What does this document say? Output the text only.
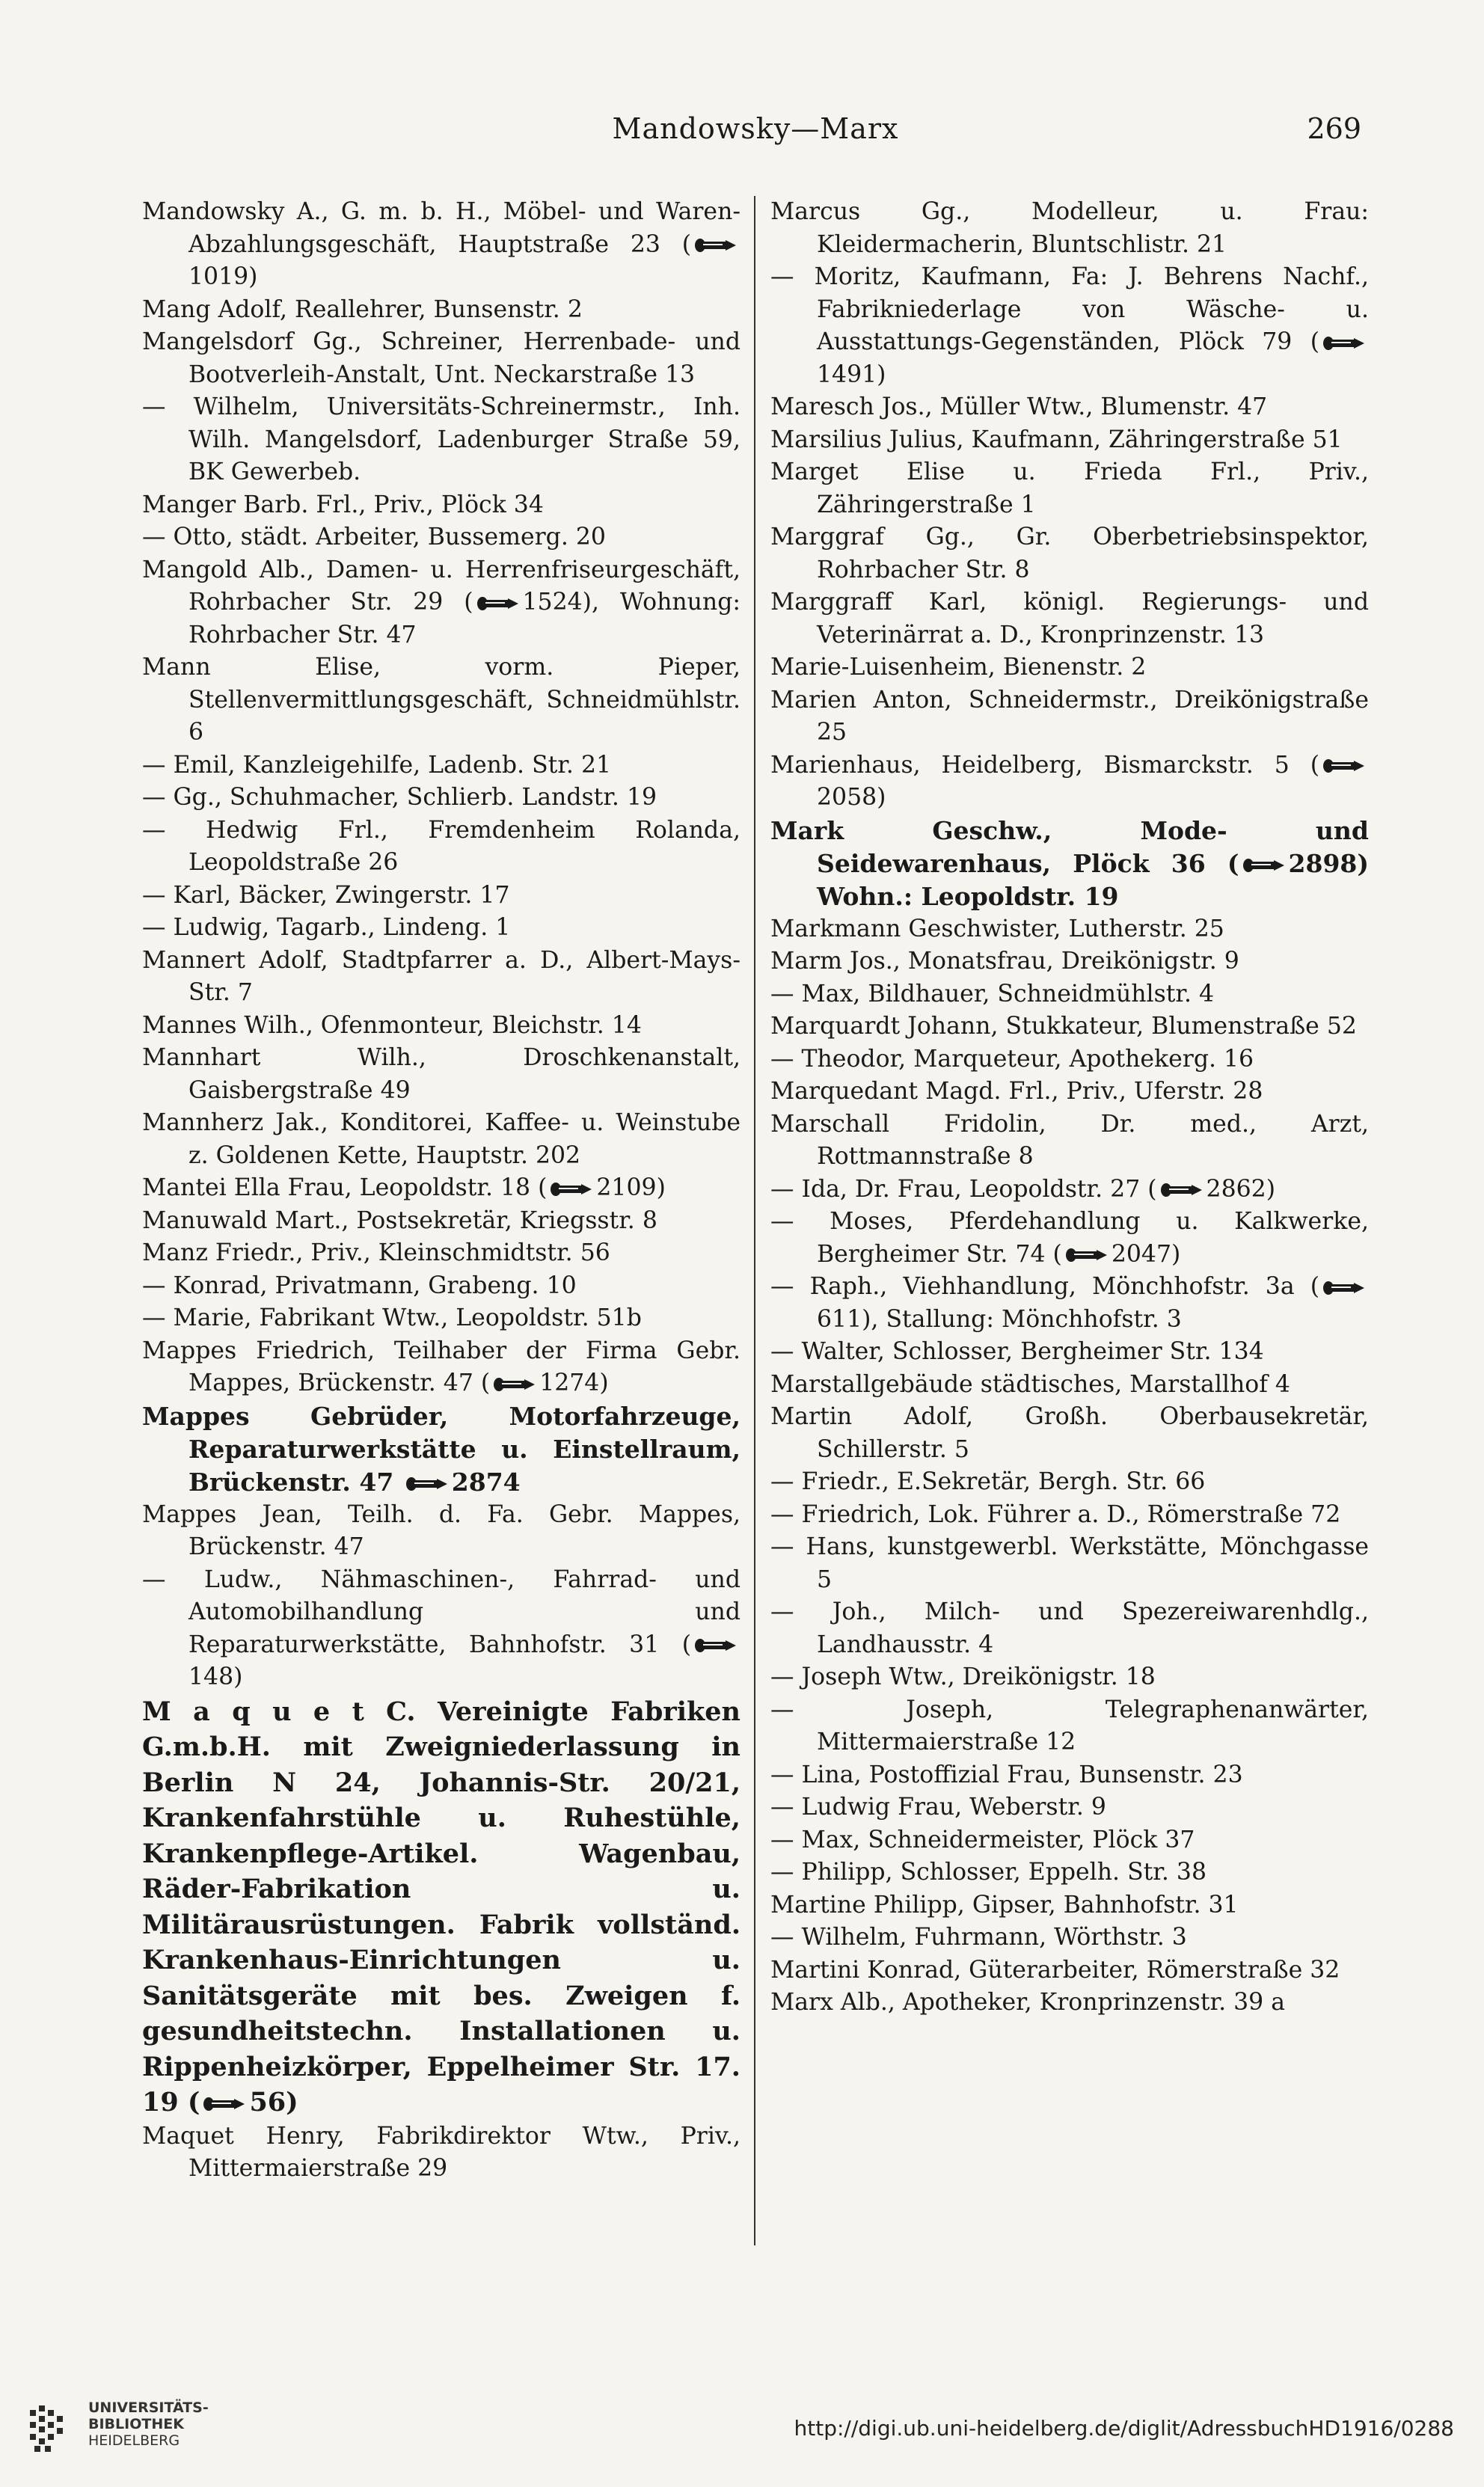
Mandowsky—Marx	269

Mandowsky A., G. m. b. H., Möbel- und Waren-Abzahlungsgeschäft, Hauptstraße 23 (
1019)

Mang Adolf, Reallehrer, Bunsenstr. 2

Mangelsdorf Gg., Schreiner, Herrenbade- und Bootverleih-Anstalt, Unt. Neckarstraße 13

— Wilhelm, Universitäts-Schreinermstr., Inh. Wilh. Mangelsdorf, Ladenburger Straße 59, BK Gewerbeb.

Manger Barb. Frl., Priv., Plöck 34

— Otto, städt. Arbeiter, Bussemerg. 20

Mangold Alb., Damen- u. Herrenfriseurgeschäft, Rohrbacher Str. 29 ( 1524), Wohnung: Rohrbacher Str. 47

Mann Elise, vorm. Pieper, Stellenvermittlungsgeschäft, Schneidmühlstr. 6

— Emil, Kanzleigehilfe, Ladenb. Str. 21

— Gg., Schuhmacher, Schlierb. Landstr. 19

— Hedwig Frl., Fremdenheim Rolanda, Leopoldstraße 26

— Karl, Bäcker, Zwingerstr. 17

— Ludwig, Tagarb., Lindeng. 1

Mannert Adolf, Stadtpfarrer a. D., Albert-Mays-Str. 7

Mannes Wilh., Ofenmonteur, Bleichstr. 14

Mannhart Wilh., Droschkenanstalt, Gaisbergstraße 49

Mannherz Jak., Konditorei, Kaffee- u. Weinstube z. Goldenen Kette, Hauptstr. 202

Mantei Ella Frau, Leopoldstr. 18 ( 2109)

Manuwald Mart., Postsekretär, Kriegsstr. 8

Manz Friedr., Priv., Kleinschmidtstr. 56

— Konrad, Privatmann, Grabeng. 10

— Marie, Fabrikant Wtw., Leopoldstr. 51b

Mappes Friedrich, Teilhaber der Firma Gebr. Mappes, Brückenstr. 47 ( 1274)

Mappes Gebrüder, Motorfahrzeuge, Reparaturwerkstätte u. Einstellraum, Brückenstr. 47
2874

Mappes Jean, Teilh. d. Fa. Gebr. Mappes, Brückenstr. 47

— Ludw., Nähmaschinen-, Fahrrad- und Automobilhandlung und Reparaturwerkstätte, Bahnhofstr. 31 (
148)

M a q u e t C. Vereinigte Fabriken G.m.b.H. mit Zweigniederlassung in Berlin N 24, Johannis-Str. 20/21, Krankenfahrstühle u. Ruhestühle, Krankenpflege-Artikel. Wagenbau, Räder-Fabrikation u. Militärausrüstungen. Fabrik vollständ. Krankenhaus-Einrichtungen u. Sanitätsgeräte mit bes. Zweigen f. gesundheitstechn. Installationen u. Rippenheizkörper, Eppelheimer Str. 17. 19 ( 56)

Maquet Henry, Fabrikdirektor Wtw., Priv., Mittermaierstraße 29

Marcus Gg., Modelleur, u. Frau: Kleidermacherin, Bluntschlistr. 21

— Moritz, Kaufmann, Fa: J. Behrens Nachf., Fabrikniederlage von Wäsche- u. Ausstattungs-Gegenständen, Plöck 79 (
1491)

Maresch Jos., Müller Wtw., Blumenstr. 47

Marsilius Julius, Kaufmann, Zähringerstraße 51

Marget Elise u. Frieda Frl., Priv., Zähringerstraße 1

Marggraf Gg., Gr. Oberbetriebsinspektor, Rohrbacher Str. 8

Marggraff Karl, königl. Regierungs- und Veterinärrat a. D., Kronprinzenstr. 13

Marie-Luisenheim, Bienenstr. 2

Marien Anton, Schneidermstr., Dreikönigstraße 25

Marienhaus, Heidelberg, Bismarckstr. 5 (
2058)

Mark Geschw., Mode- und Seidewarenhaus, Plöck 36 ( 2898) Wohn.: Leopoldstr. 19

Markmann Geschwister, Lutherstr. 25

Marm Jos., Monatsfrau, Dreikönigstr. 9

— Max, Bildhauer, Schneidmühlstr. 4

Marquardt Johann, Stukkateur, Blumenstraße 52

— Theodor, Marqueteur, Apothekerg. 16

Marquedant Magd. Frl., Priv., Uferstr. 28

Marschall Fridolin, Dr. med., Arzt, Rottmannstraße 8

— Ida, Dr. Frau, Leopoldstr. 27 ( 2862)

— Moses, Pferdehandlung u. Kalkwerke, Bergheimer Str. 74 ( 2047)

— Raph., Viehhandlung, Mönchhofstr. 3a (
611), Stallung: Mönchhofstr. 3

— Walter, Schlosser, Bergheimer Str. 134

Marstallgebäude städtisches, Marstallhof 4

Martin Adolf, Großh. Oberbausekretär, Schillerstr. 5

— Friedr., E.Sekretär, Bergh. Str. 66

— Friedrich, Lok. Führer a. D., Römerstraße 72

— Hans, kunstgewerbl. Werkstätte, Mönchgasse 5

— Joh., Milch- und Spezereiwarenhdlg., Landhausstr. 4

— Joseph Wtw., Dreikönigstr. 18

— Joseph, Telegraphenanwärter, Mittermaierstraße 12

— Lina, Postoffizial Frau, Bunsenstr. 23

— Ludwig Frau, Weberstr. 9

— Max, Schneidermeister, Plöck 37

— Philipp, Schlosser, Eppelh. Str. 38

Martine Philipp, Gipser, Bahnhofstr. 31

— Wilhelm, Fuhrmann, Wörthstr. 3

Martini Konrad, Güterarbeiter, Römerstraße 32

Marx Alb., Apotheker, Kronprinzenstr. 39 a

UNIVERSITÄTS-
BIBLIOTHEK
HEIDELBERG	http://digi.ub.uni-heidelberg.de/diglit/AdressbuchHD1916/0288
